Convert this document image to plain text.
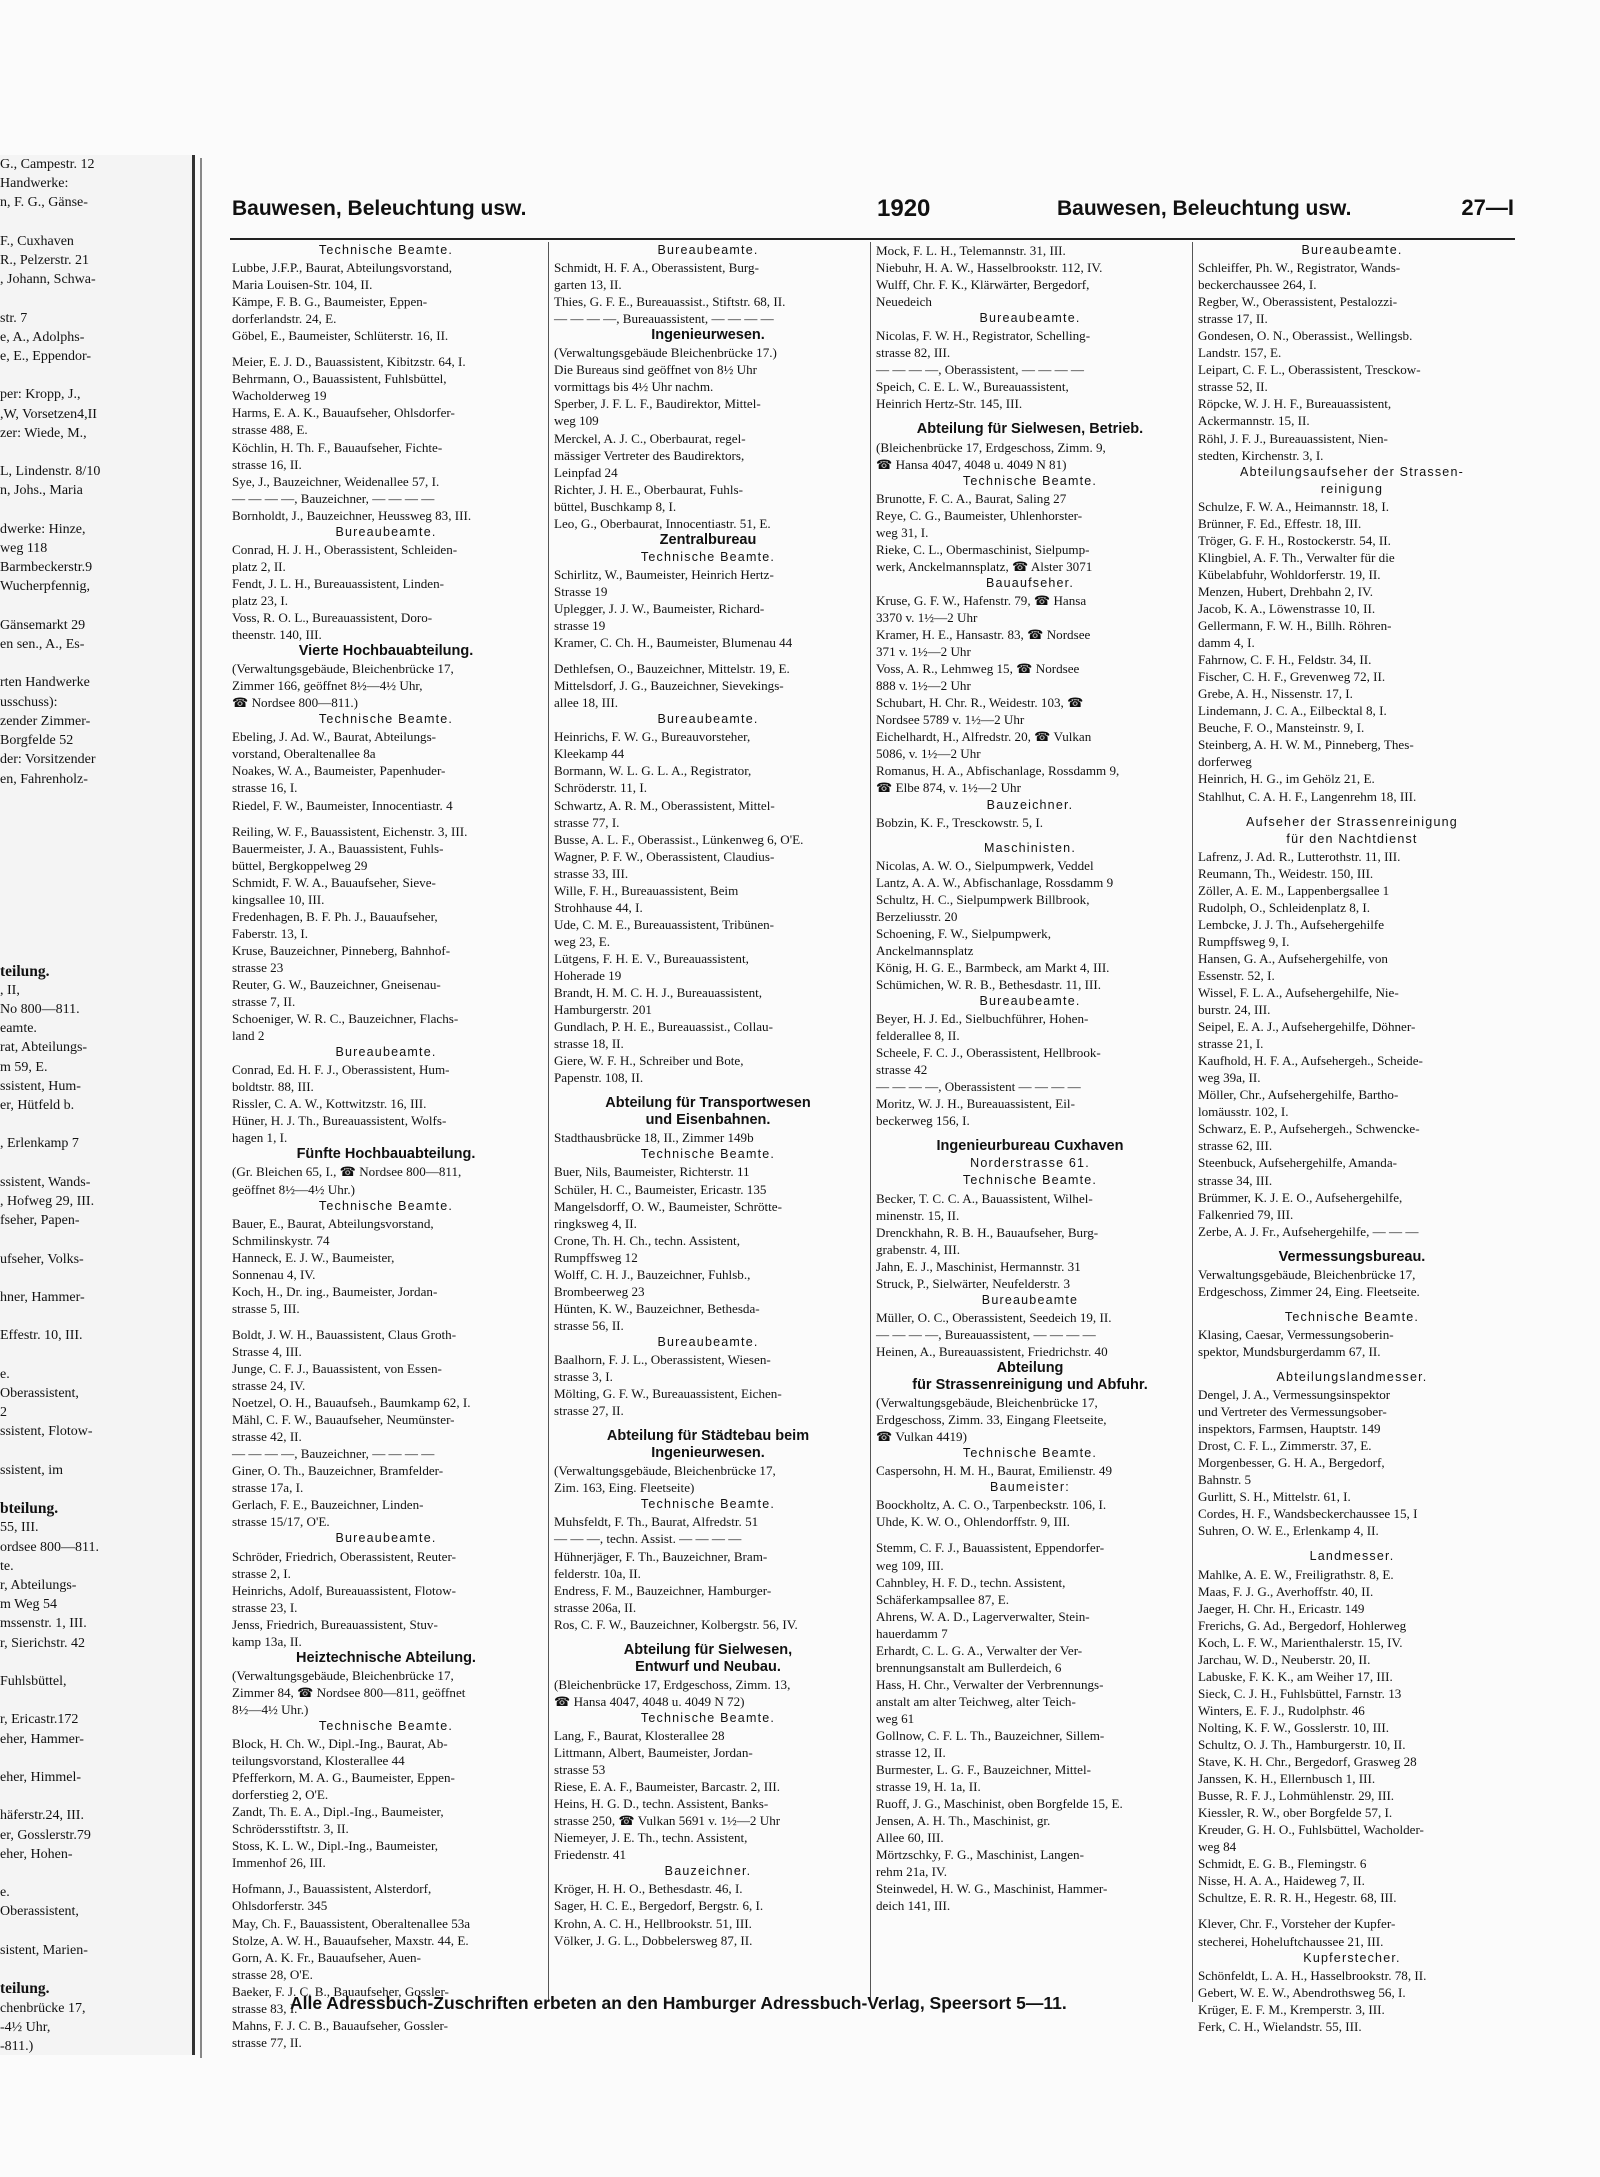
G., Campestr. 12
Handwerke:
n, F. G., Gänse-

F., Cuxhaven
R., Pelzerstr. 21
, Johann, Schwa-

str. 7
e, A., Adolphs-
e, E., Eppendor-

per: Kropp, J.,
,W, Vorsetzen4,II
zer: Wiede, M.,

L, Lindenstr. 8/10
n, Johs., Maria

dwerke: Hinze,
weg 118
Barmbeckerstr.9
Wucherpfennig,

Gänsemarkt 29
en sen., A., Es-

rten Handwerke
usschuss):
zender Zimmer-
Borgfelde 52
der: Vorsitzender
en, Fahrenholz-

teilung.
, II,
No 800—811.
eamte.
rat, Abteilungs-
m 59, E.
ssistent, Hum-
er, Hütfeld b.

, Erlenkamp 7

ssistent, Wands-
, Hofweg 29, III.
fseher, Papen-

ufseher, Volks-

hner, Hammer-

Effestr. 10, III.

e.
Oberassistent,
2
ssistent, Flotow-

ssistent, im

bteilung.
55, III.
ordsee 800—811.
te.
r, Abteilungs-
m Weg 54
mssenstr. 1, III.
r, Sierichstr. 42

Fuhlsbüttel,

r, Ericastr.172
eher, Hammer-

eher, Himmel-

häferstr.24, III.
er, Gosslerstr.79
eher, Hohen-

e.
Oberassistent,

sistent, Marien-

teilung.
chenbrücke 17,
-4½ Uhr,
-811.)
Bauwesen, Beleuchtung usw.	1920	Bauwesen, Beleuchtung usw.	27—I
Technische Beamte.
Lubbe, J.F.P., Baurat, Abteilungsvorstand,
Maria Louisen-Str. 104, II.
Kämpe, F. B. G., Baumeister, Eppen-
dorferlandstr. 24, E.
Göbel, E., Baumeister, Schlüterstr. 16, II.
Meier, E. J. D., Bauassistent, Kibitzstr. 64, I.
Behrmann, O., Bauassistent, Fuhlsbüttel,
Wacholderweg 19
Harms, E. A. K., Bauaufseher, Ohlsdorfer-
strasse 488, E.
Köchlin, H. Th. F., Bauaufseher, Fichte-
strasse 16, II.
Sye, J., Bauzeichner, Weidenallee 57, I.
— — — —, Bauzeichner, — — — —
Bornholdt, J., Bauzeichner, Heussweg 83, III.
Bureaubeamte.
Conrad, H. J. H., Oberassistent, Schleiden-
platz 2, II.
Fendt, J. L. H., Bureauassistent, Linden-
platz 23, I.
Voss, R. O. L., Bureauassistent, Doro-
theenstr. 140, III.
Vierte Hochbauabteilung.
(Verwaltungsgebäude, Bleichenbrücke 17,
Zimmer 166, geöffnet 8½—4½ Uhr,
☎ Nordsee 800—811.)
Technische Beamte.
Ebeling, J. Ad. W., Baurat, Abteilungs-
vorstand, Oberaltenallee 8a
Noakes, W. A., Baumeister, Papenhuder-
strasse 16, I.
Riedel, F. W., Baumeister, Innocentiastr. 4
Reiling, W. F., Bauassistent, Eichenstr. 3, III.
Bauermeister, J. A., Bauassistent, Fuhls-
büttel, Bergkoppelweg 29
Schmidt, F. W. A., Bauaufseher, Sieve-
kingsallee 10, III.
Fredenhagen, B. F. Ph. J., Bauaufseher,
Faberstr. 13, I.
Kruse, Bauzeichner, Pinneberg, Bahnhof-
strasse 23
Reuter, G. W., Bauzeichner, Gneisenau-
strasse 7, II.
Schoeniger, W. R. C., Bauzeichner, Flachs-
land 2
Bureaubeamte.
Conrad, Ed. H. F. J., Oberassistent, Hum-
boldtstr. 88, III.
Rissler, C. A. W., Kottwitzstr. 16, III.
Hüner, H. J. Th., Bureauassistent, Wolfs-
hagen 1, I.
Fünfte Hochbauabteilung.
(Gr. Bleichen 65, I., ☎ Nordsee 800—811,
geöffnet 8½—4½ Uhr.)
Technische Beamte.
Bauer, E., Baurat, Abteilungsvorstand,
Schmilinskystr. 74
Hanneck, E. J. W., Baumeister,
Sonnenau 4, IV.
Koch, H., Dr. ing., Baumeister, Jordan-
strasse 5, III.
Boldt, J. W. H., Bauassistent, Claus Groth-
Strasse 4, III.
Junge, C. F. J., Bauassistent, von Essen-
strasse 24, IV.
Noetzel, O. H., Bauaufseh., Baumkamp 62, I.
Mähl, C. F. W., Bauaufseher, Neumünster-
strasse 42, II.
— — — —, Bauzeichner, — — — —
Giner, O. Th., Bauzeichner, Bramfelder-
strasse 17a, I.
Gerlach, F. E., Bauzeichner, Linden-
strasse 15/17, O'E.
Bureaubeamte.
Schröder, Friedrich, Oberassistent, Reuter-
strasse 2, I.
Heinrichs, Adolf, Bureauassistent, Flotow-
strasse 23, I.
Jenss, Friedrich, Bureauassistent, Stuv-
kamp 13a, II.
Heiztechnische Abteilung.
(Verwaltungsgebäude, Bleichenbrücke 17,
Zimmer 84, ☎ Nordsee 800—811, geöffnet
8½—4½ Uhr.)
Technische Beamte.
Block, H. Ch. W., Dipl.-Ing., Baurat, Ab-
teilungsvorstand, Klosterallee 44
Pfefferkorn, M. A. G., Baumeister, Eppen-
dorferstieg 2, O'E.
Zandt, Th. E. A., Dipl.-Ing., Baumeister,
Schrödersstiftstr. 3, II.
Stoss, K. L. W., Dipl.-Ing., Baumeister,
Immenhof 26, III.
Hofmann, J., Bauassistent, Alsterdorf,
Ohlsdorferstr. 345
May, Ch. F., Bauassistent, Oberaltenallee 53a
Stolze, A. W. H., Bauaufseher, Maxstr. 44, E.
Gorn, A. K. Fr., Bauaufseher, Auen-
strasse 28, O'E.
Baeker, F. J. C. B., Bauaufseher, Gossler-
strasse 83, I.
Mahns, F. J. C. B., Bauaufseher, Gossler-
strasse 77, II.
Bureaubeamte.
Schmidt, H. F. A., Oberassistent, Burg-
garten 13, II.
Thies, G. F. E., Bureauassist., Stiftstr. 68, II.
— — — —, Bureauassistent, — — — —
Ingenieurwesen.
(Verwaltungsgebäude Bleichenbrücke 17.)
Die Bureaus sind geöffnet von 8½ Uhr
vormittags bis 4½ Uhr nachm.
Sperber, J. F. L. F., Baudirektor, Mittel-
weg 109
Merckel, A. J. C., Oberbaurat, regel-
mässiger Vertreter des Baudirektors,
Leinpfad 24
Richter, J. H. E., Oberbaurat, Fuhls-
büttel, Buschkamp 8, I.
Leo, G., Oberbaurat, Innocentiastr. 51, E.
Zentralbureau
Technische Beamte.
Schirlitz, W., Baumeister, Heinrich Hertz-
Strasse 19
Uplegger, J. J. W., Baumeister, Richard-
strasse 19
Kramer, C. Ch. H., Baumeister, Blumenau 44
Dethlefsen, O., Bauzeichner, Mittelstr. 19, E.
Mittelsdorf, J. G., Bauzeichner, Sievekings-
allee 18, III.
Bureaubeamte.
Heinrichs, F. W. G., Bureauvorsteher,
Kleekamp 44
Bormann, W. L. G. L. A., Registrator,
Schröderstr. 11, I.
Schwartz, A. R. M., Oberassistent, Mittel-
strasse 77, I.
Busse, A. L. F., Oberassist., Lünkenweg 6, O'E.
Wagner, P. F. W., Oberassistent, Claudius-
strasse 33, III.
Wille, F. H., Bureauassistent, Beim
Strohhause 44, I.
Ude, C. M. E., Bureauassistent, Tribünen-
weg 23, E.
Lütgens, F. H. E. V., Bureauassistent,
Hoherade 19
Brandt, H. M. C. H. J., Bureauassistent,
Hamburgerstr. 201
Gundlach, P. H. E., Bureauassist., Collau-
strasse 18, II.
Giere, W. F. H., Schreiber und Bote,
Papenstr. 108, II.
Abteilung für Transportwesen
und Eisenbahnen.
Stadthausbrücke 18, II., Zimmer 149b
Technische Beamte.
Buer, Nils, Baumeister, Richterstr. 11
Schüler, H. C., Baumeister, Ericastr. 135
Mangelsdorff, O. W., Baumeister, Schrötte-
ringksweg 4, II.
Crone, Th. H. Ch., techn. Assistent,
Rumpffsweg 12
Wolff, C. H. J., Bauzeichner, Fuhlsb.,
Brombeerweg 23
Hünten, K. W., Bauzeichner, Bethesda-
strasse 56, II.
Bureaubeamte.
Baalhorn, F. J. L., Oberassistent, Wiesen-
strasse 3, I.
Mölting, G. F. W., Bureauassistent, Eichen-
strasse 27, II.
Abteilung für Städtebau beim
Ingenieurwesen.
(Verwaltungsgebäude, Bleichenbrücke 17,
Zim. 163, Eing. Fleetseite)
Technische Beamte.
Muhsfeldt, F. Th., Baurat, Alfredstr. 51
— — —, techn. Assist. — — — —
Hühnerjäger, F. Th., Bauzeichner, Bram-
felderstr. 10a, II.
Endress, F. M., Bauzeichner, Hamburger-
strasse 206a, II.
Ros, C. F. W., Bauzeichner, Kolbergstr. 56, IV.
Abteilung für Sielwesen,
Entwurf und Neubau.
(Bleichenbrücke 17, Erdgeschoss, Zimm. 13,
☎ Hansa 4047, 4048 u. 4049 N 72)
Technische Beamte.
Lang, F., Baurat, Klosterallee 28
Littmann, Albert, Baumeister, Jordan-
strasse 53
Riese, E. A. F., Baumeister, Barcastr. 2, III.
Heins, H. G. D., techn. Assistent, Banks-
strasse 250, ☎ Vulkan 5691 v. 1½—2 Uhr
Niemeyer, J. E. Th., techn. Assistent,
Friedenstr. 41
Bauzeichner.
Kröger, H. H. O., Bethesdastr. 46, I.
Sager, H. C. E., Bergedorf, Bergstr. 6, I.
Krohn, A. C. H., Hellbrookstr. 51, III.
Völker, J. G. L., Dobbelersweg 87, II.
Mock, F. L. H., Telemannstr. 31, III.
Niebuhr, H. A. W., Hasselbrookstr. 112, IV.
Wulff, Chr. F. K., Klärwärter, Bergedorf,
Neuedeich
Bureaubeamte.
Nicolas, F. W. H., Registrator, Schelling-
strasse 82, III.
— — — —, Oberassistent, — — — —
Speich, C. E. L. W., Bureauassistent,
Heinrich Hertz-Str. 145, III.
Abteilung für Sielwesen, Betrieb.
(Bleichenbrücke 17, Erdgeschoss, Zimm. 9,
☎ Hansa 4047, 4048 u. 4049 N 81)
Technische Beamte.
Brunotte, F. C. A., Baurat, Saling 27
Reye, C. G., Baumeister, Uhlenhorster-
weg 31, I.
Rieke, C. L., Obermaschinist, Sielpump-
werk, Anckelmannsplatz, ☎ Alster 3071
Bauaufseher.
Kruse, G. F. W., Hafenstr. 79, ☎ Hansa
3370 v. 1½—2 Uhr
Kramer, H. E., Hansastr. 83, ☎ Nordsee
371 v. 1½—2 Uhr
Voss, A. R., Lehmweg 15, ☎ Nordsee
888 v. 1½—2 Uhr
Schubart, H. Chr. R., Weidestr. 103, ☎
Nordsee 5789 v. 1½—2 Uhr
Eichelhardt, H., Alfredstr. 20, ☎ Vulkan
5086, v. 1½—2 Uhr
Romanus, H. A., Abfischanlage, Rossdamm 9,
☎ Elbe 874, v. 1½—2 Uhr
Bauzeichner.
Bobzin, K. F., Tresckowstr. 5, I.
Maschinisten.
Nicolas, A. W. O., Sielpumpwerk, Veddel
Lantz, A. A. W., Abfischanlage, Rossdamm 9
Schultz, H. C., Sielpumpwerk Billbrook,
Berzeliusstr. 20
Schoening, F. W., Sielpumpwerk,
Anckelmannsplatz
König, H. G. E., Barmbeck, am Markt 4, III.
Schümichen, W. R. B., Bethesdastr. 11, III.
Bureaubeamte.
Beyer, H. J. Ed., Sielbuchführer, Hohen-
felderallee 8, II.
Scheele, F. C. J., Oberassistent, Hellbrook-
strasse 42
— — — —, Oberassistent — — — —
Moritz, W. J. H., Bureauassistent, Eil-
beckerweg 156, I.
Ingenieurbureau Cuxhaven
Norderstrasse 61.
Technische Beamte.
Becker, T. C. C. A., Bauassistent, Wilhel-
minenstr. 15, II.
Drenckhahn, R. B. H., Bauaufseher, Burg-
grabenstr. 4, III.
Jahn, E. J., Maschinist, Hermannstr. 31
Struck, P., Sielwärter, Neufelderstr. 3
Bureaubeamte
Müller, O. C., Oberassistent, Seedeich 19, II.
— — — —, Bureauassistent, — — — —
Heinen, A., Bureauassistent, Friedrichstr. 40
Abteilung
für Strassenreinigung und Abfuhr.
(Verwaltungsgebäude, Bleichenbrücke 17,
Erdgeschoss, Zimm. 33, Eingang Fleetseite,
☎ Vulkan 4419)
Technische Beamte.
Caspersohn, H. M. H., Baurat, Emilienstr. 49
Baumeister:
Boockholtz, A. C. O., Tarpenbeckstr. 106, I.
Uhde, K. W. O., Ohlendorffstr. 9, III.
Stemm, C. F. J., Bauassistent, Eppendorfer-
weg 109, III.
Cahnbley, H. F. D., techn. Assistent,
Schäferkampsallee 87, E.
Ahrens, W. A. D., Lagerverwalter, Stein-
hauerdamm 7
Erhardt, C. L. G. A., Verwalter der Ver-
brennungsanstalt am Bullerdeich, 6
Hass, H. Chr., Verwalter der Verbrennungs-
anstalt am alter Teichweg, alter Teich-
weg 61
Gollnow, C. F. L. Th., Bauzeichner, Sillem-
strasse 12, II.
Burmester, L. G. F., Bauzeichner, Mittel-
strasse 19, H. 1a, II.
Ruoff, J. G., Maschinist, oben Borgfelde 15, E.
Jensen, A. H. Th., Maschinist, gr.
Allee 60, III.
Mörtzschky, F. G., Maschinist, Langen-
rehm 21a, IV.
Steinwedel, H. W. G., Maschinist, Hammer-
deich 141, III.
Bureaubeamte.
Schleiffer, Ph. W., Registrator, Wands-
beckerchaussee 264, I.
Regber, W., Oberassistent, Pestalozzi-
strasse 17, II.
Gondesen, O. N., Oberassist., Wellingsb.
Landstr. 157, E.
Leipart, C. F. L., Oberassistent, Tresckow-
strasse 52, II.
Röpcke, W. J. H. F., Bureauassistent,
Ackermannstr. 15, II.
Röhl, J. F. J., Bureauassistent, Nien-
stedten, Kirchenstr. 3, I.
Abteilungsaufseher der Strassen-
reinigung
Schulze, F. W. A., Heimannstr. 18, I.
Brünner, F. Ed., Effestr. 18, III.
Tröger, G. F. H., Rostockerstr. 54, II.
Klingbiel, A. F. Th., Verwalter für die
Kübelabfuhr, Wohldorferstr. 19, II.
Menzen, Hubert, Drehbahn 2, IV.
Jacob, K. A., Löwenstrasse 10, II.
Gellermann, F. W. H., Billh. Röhren-
damm 4, I.
Fahrnow, C. F. H., Feldstr. 34, II.
Fischer, C. H. F., Grevenweg 72, II.
Grebe, A. H., Nissenstr. 17, I.
Lindemann, J. C. A., Eilbecktal 8, I.
Beuche, F. O., Mansteinstr. 9, I.
Steinberg, A. H. W. M., Pinneberg, Thes-
dorferweg
Heinrich, H. G., im Gehölz 21, E.
Stahlhut, C. A. H. F., Langenrehm 18, III.
Aufseher der Strassenreinigung
für den Nachtdienst
Lafrenz, J. Ad. R., Lutterothstr. 11, III.
Reumann, Th., Weidestr. 150, III.
Zöller, A. E. M., Lappenbergsallee 1
Rudolph, O., Schleidenplatz 8, I.
Lembcke, J. J. Th., Aufsehergehilfe
Rumpffsweg 9, I.
Hansen, G. A., Aufsehergehilfe, von
Essenstr. 52, I.
Wissel, F. L. A., Aufsehergehilfe, Nie-
burstr. 24, III.
Seipel, E. A. J., Aufsehergehilfe, Döhner-
strasse 21, I.
Kaufhold, H. F. A., Aufsehergeh., Scheide-
weg 39a, II.
Möller, Chr., Aufsehergehilfe, Bartho-
lomäusstr. 102, I.
Schwarz, E. P., Aufsehergeh., Schwencke-
strasse 62, III.
Steenbuck, Aufsehergehilfe, Amanda-
strasse 34, III.
Brümmer, K. J. E. O., Aufsehergehilfe,
Falkenried 79, III.
Zerbe, A. J. Fr., Aufsehergehilfe, — — —
Vermessungsbureau.
Verwaltungsgebäude, Bleichenbrücke 17,
Erdgeschoss, Zimmer 24, Eing. Fleetseite.
Technische Beamte.
Klasing, Caesar, Vermessungsoberin-
spektor, Mundsburgerdamm 67, II.
Abteilungslandmesser.
Dengel, J. A., Vermessungsinspektor
und Vertreter des Vermessungsober-
inspektors, Farmsen, Hauptstr. 149
Drost, C. F. L., Zimmerstr. 37, E.
Morgenbesser, G. H. A., Bergedorf,
Bahnstr. 5
Gurlitt, S. H., Mittelstr. 61, I.
Cordes, H. F., Wandsbeckerchaussee 15, I
Suhren, O. W. E., Erlenkamp 4, II.
Landmesser.
Mahlke, A. E. W., Freiligrathstr. 8, E.
Maas, F. J. G., Averhoffstr. 40, II.
Jaeger, H. Chr. H., Ericastr. 149
Frerichs, G. Ad., Bergedorf, Hohlerweg
Koch, L. F. W., Marienthalerstr. 15, IV.
Jarchau, W. D., Neuberstr. 20, II.
Labuske, F. K. K., am Weiher 17, III.
Sieck, C. J. H., Fuhlsbüttel, Farnstr. 13
Winters, E. F. J., Rudolphstr. 46
Nolting, K. F. W., Gosslerstr. 10, III.
Schultz, O. J. Th., Hamburgerstr. 10, II.
Stave, K. H. Chr., Bergedorf, Grasweg 28
Janssen, K. H., Ellernbusch 1, III.
Busse, R. F. J., Lohmühlenstr. 29, III.
Kiessler, R. W., ober Borgfelde 57, I.
Kreuder, G. H. O., Fuhlsbüttel, Wacholder-
weg 84
Schmidt, E. G. B., Flemingstr. 6
Nisse, H. A. A., Haideweg 7, II.
Schultze, E. R. R. H., Hegestr. 68, III.
Klever, Chr. F., Vorsteher der Kupfer-
stecherei, Hoheluftchaussee 21, III.
Kupferstecher.
Schönfeldt, L. A. H., Hasselbrookstr. 78, II.
Gebert, W. E. W., Abendrothsweg 56, I.
Krüger, E. F. M., Kremperstr. 3, III.
Ferk, C. H., Wielandstr. 55, III.
Alle Adressbuch-Zuschriften erbeten an den Hamburger Adressbuch-Verlag, Speersort 5—11.
